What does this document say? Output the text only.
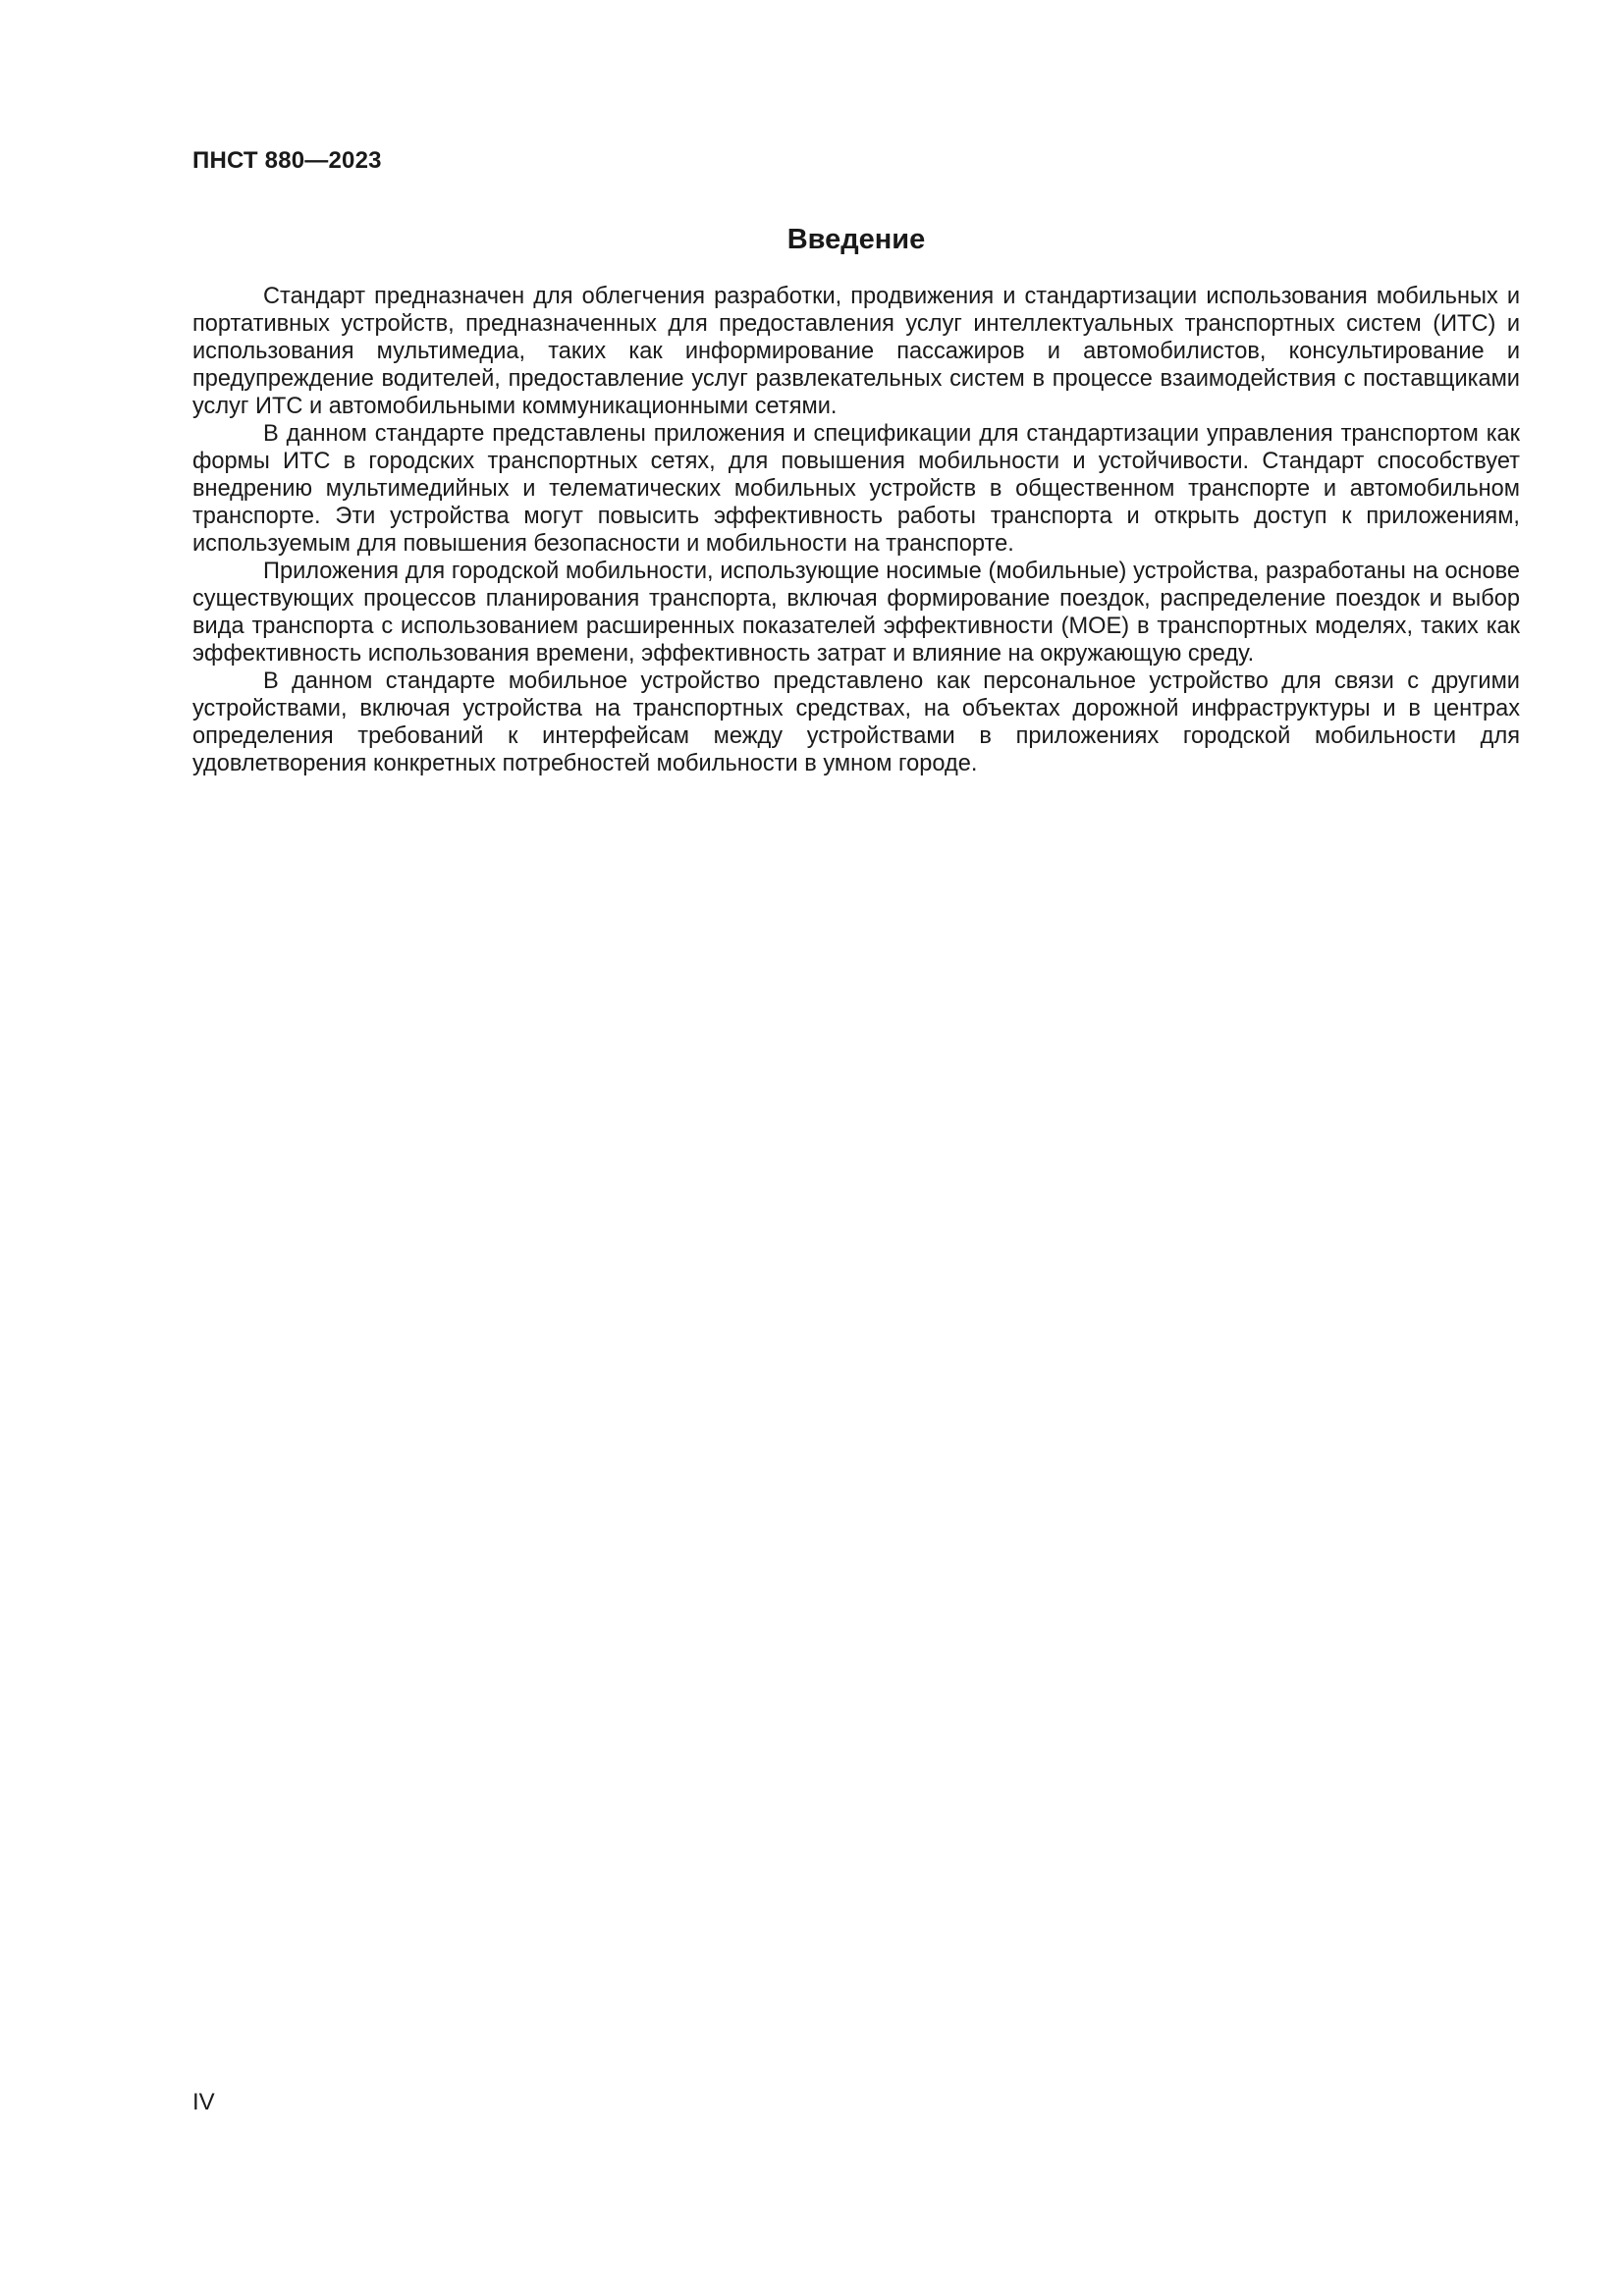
ПНСТ 880—2023
Введение

Стандарт предназначен для облегчения разработки, продвижения и стандартизации использования мобильных и портативных устройств, предназначенных для предоставления услуг интеллектуальных транспортных систем (ИТС) и использования мультимедиа, таких как информирование пассажиров и автомобилистов, консультирование и предупреждение водителей, предоставление услуг развлекательных систем в процессе взаимодействия с поставщиками услуг ИТС и автомобильными коммуникационными сетями.

В данном стандарте представлены приложения и спецификации для стандартизации управления транспортом как формы ИТС в городских транспортных сетях, для повышения мобильности и устойчивости. Стандарт способствует внедрению мультимедийных и телематических мобильных устройств в общественном транспорте и автомобильном транспорте. Эти устройства могут повысить эффективность работы транспорта и открыть доступ к приложениям, используемым для повышения безопасности и мобильности на транспорте.

Приложения для городской мобильности, использующие носимые (мобильные) устройства, разработаны на основе существующих процессов планирования транспорта, включая формирование поездок, распределение поездок и выбор вида транспорта с использованием расширенных показателей эффективности (МОЕ) в транспортных моделях, таких как эффективность использования времени, эффективность затрат и влияние на окружающую среду.

В данном стандарте мобильное устройство представлено как персональное устройство для связи с другими устройствами, включая устройства на транспортных средствах, на объектах дорожной инфраструктуры и в центрах определения требований к интерфейсам между устройствами в приложениях городской мобильности для удовлетворения конкретных потребностей мобильности в умном городе.

IV
